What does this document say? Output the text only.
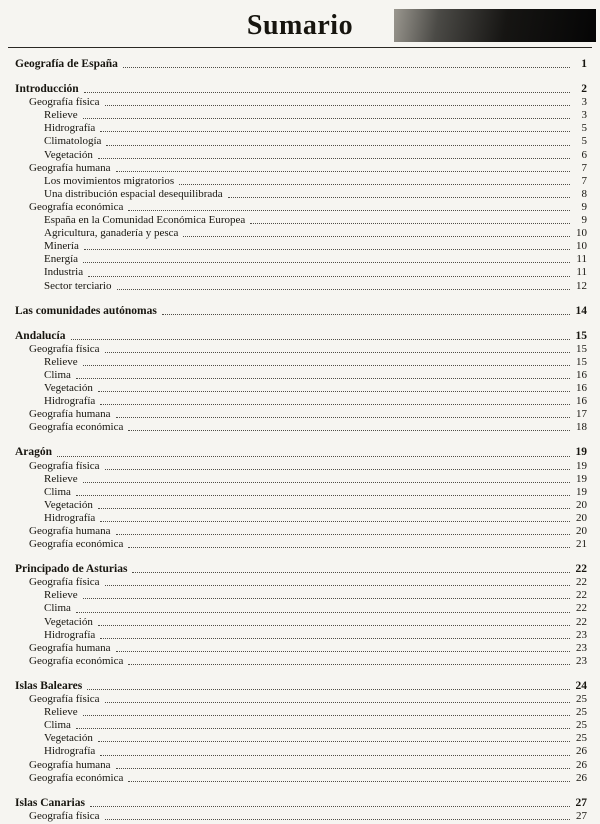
Sumario
Geografía de España	1
Introducción	2
Geografía física	3
Relieve	3
Hidrografía	5
Climatología	5
Vegetación	6
Geografía humana	7
Los movimientos migratorios	7
Una distribución espacial desequilibrada	8
Geografía económica	9
España en la Comunidad Económica Europea	9
Agricultura, ganadería y pesca	10
Minería	10
Energía	11
Industria	11
Sector terciario	12
Las comunidades autónomas	14
Andalucía	15
Geografía física	15
Relieve	15
Clima	16
Vegetación	16
Hidrografía	16
Geografía humana	17
Geografía económica	18
Aragón	19
Geografía física	19
Relieve	19
Clima	19
Vegetación	20
Hidrografía	20
Geografía humana	20
Geografía económica	21
Principado de Asturias	22
Geografía física	22
Relieve	22
Clima	22
Vegetación	22
Hidrografía	23
Geografía humana	23
Geografía económica	23
Islas Baleares	24
Geografía física	25
Relieve	25
Clima	25
Vegetación	25
Hidrografía	26
Geografía humana	26
Geografía económica	26
Islas Canarias	27
Geografía física	27
